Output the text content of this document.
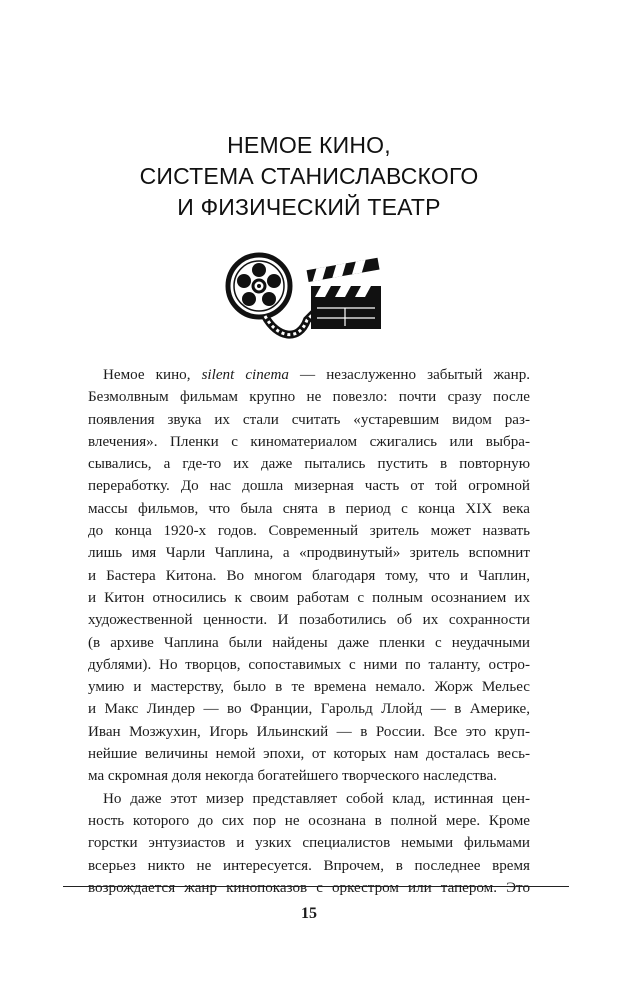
НЕМОЕ КИНО,
СИСТЕМА СТАНИСЛАВСКОГО
И ФИЗИЧЕСКИЙ ТЕАТР
Немое кино, silent cinema — незаслуженно забытый жанр.
Безмолвным фильмам крупно не повезло: почти сразу после
появления звука их стали считать «устаревшим видом раз-
влечения». Пленки с киноматериалом сжигались или выбра-
сывались, а где-то их даже пытались пустить в повторную
переработку. До нас дошла мизерная часть от той огромной
массы фильмов, что была снята в период с конца XIX века
до конца 1920-х годов. Современный зритель может назвать
лишь имя Чарли Чаплина, а «продвинутый» зритель вспомнит
и Бастера Китона. Во многом благодаря тому, что и Чаплин,
и Китон относились к своим работам с полным осознанием их
художественной ценности. И позаботились об их сохранности
(в архиве Чаплина были найдены даже пленки с неудачными
дублями). Но творцов, сопоставимых с ними по таланту, остро-
умию и мастерству, было в те времена немало. Жорж Мельес
и Макс Линдер — во Франции, Гарольд Ллойд — в Америке,
Иван Мозжухин, Игорь Ильинский — в России. Все это круп-
нейшие величины немой эпохи, от которых нам досталась весь-
ма скромная доля некогда богатейшего творческого наследства.
Но даже этот мизер представляет собой клад, истинная цен-
ность которого до сих пор не осознана в полной мере. Кроме
горстки энтузиастов и узких специалистов немыми фильмами
всерьез никто не интересуется. Впрочем, в последнее время
возрождается жанр кинопоказов с оркестром или тапером. Это
15
